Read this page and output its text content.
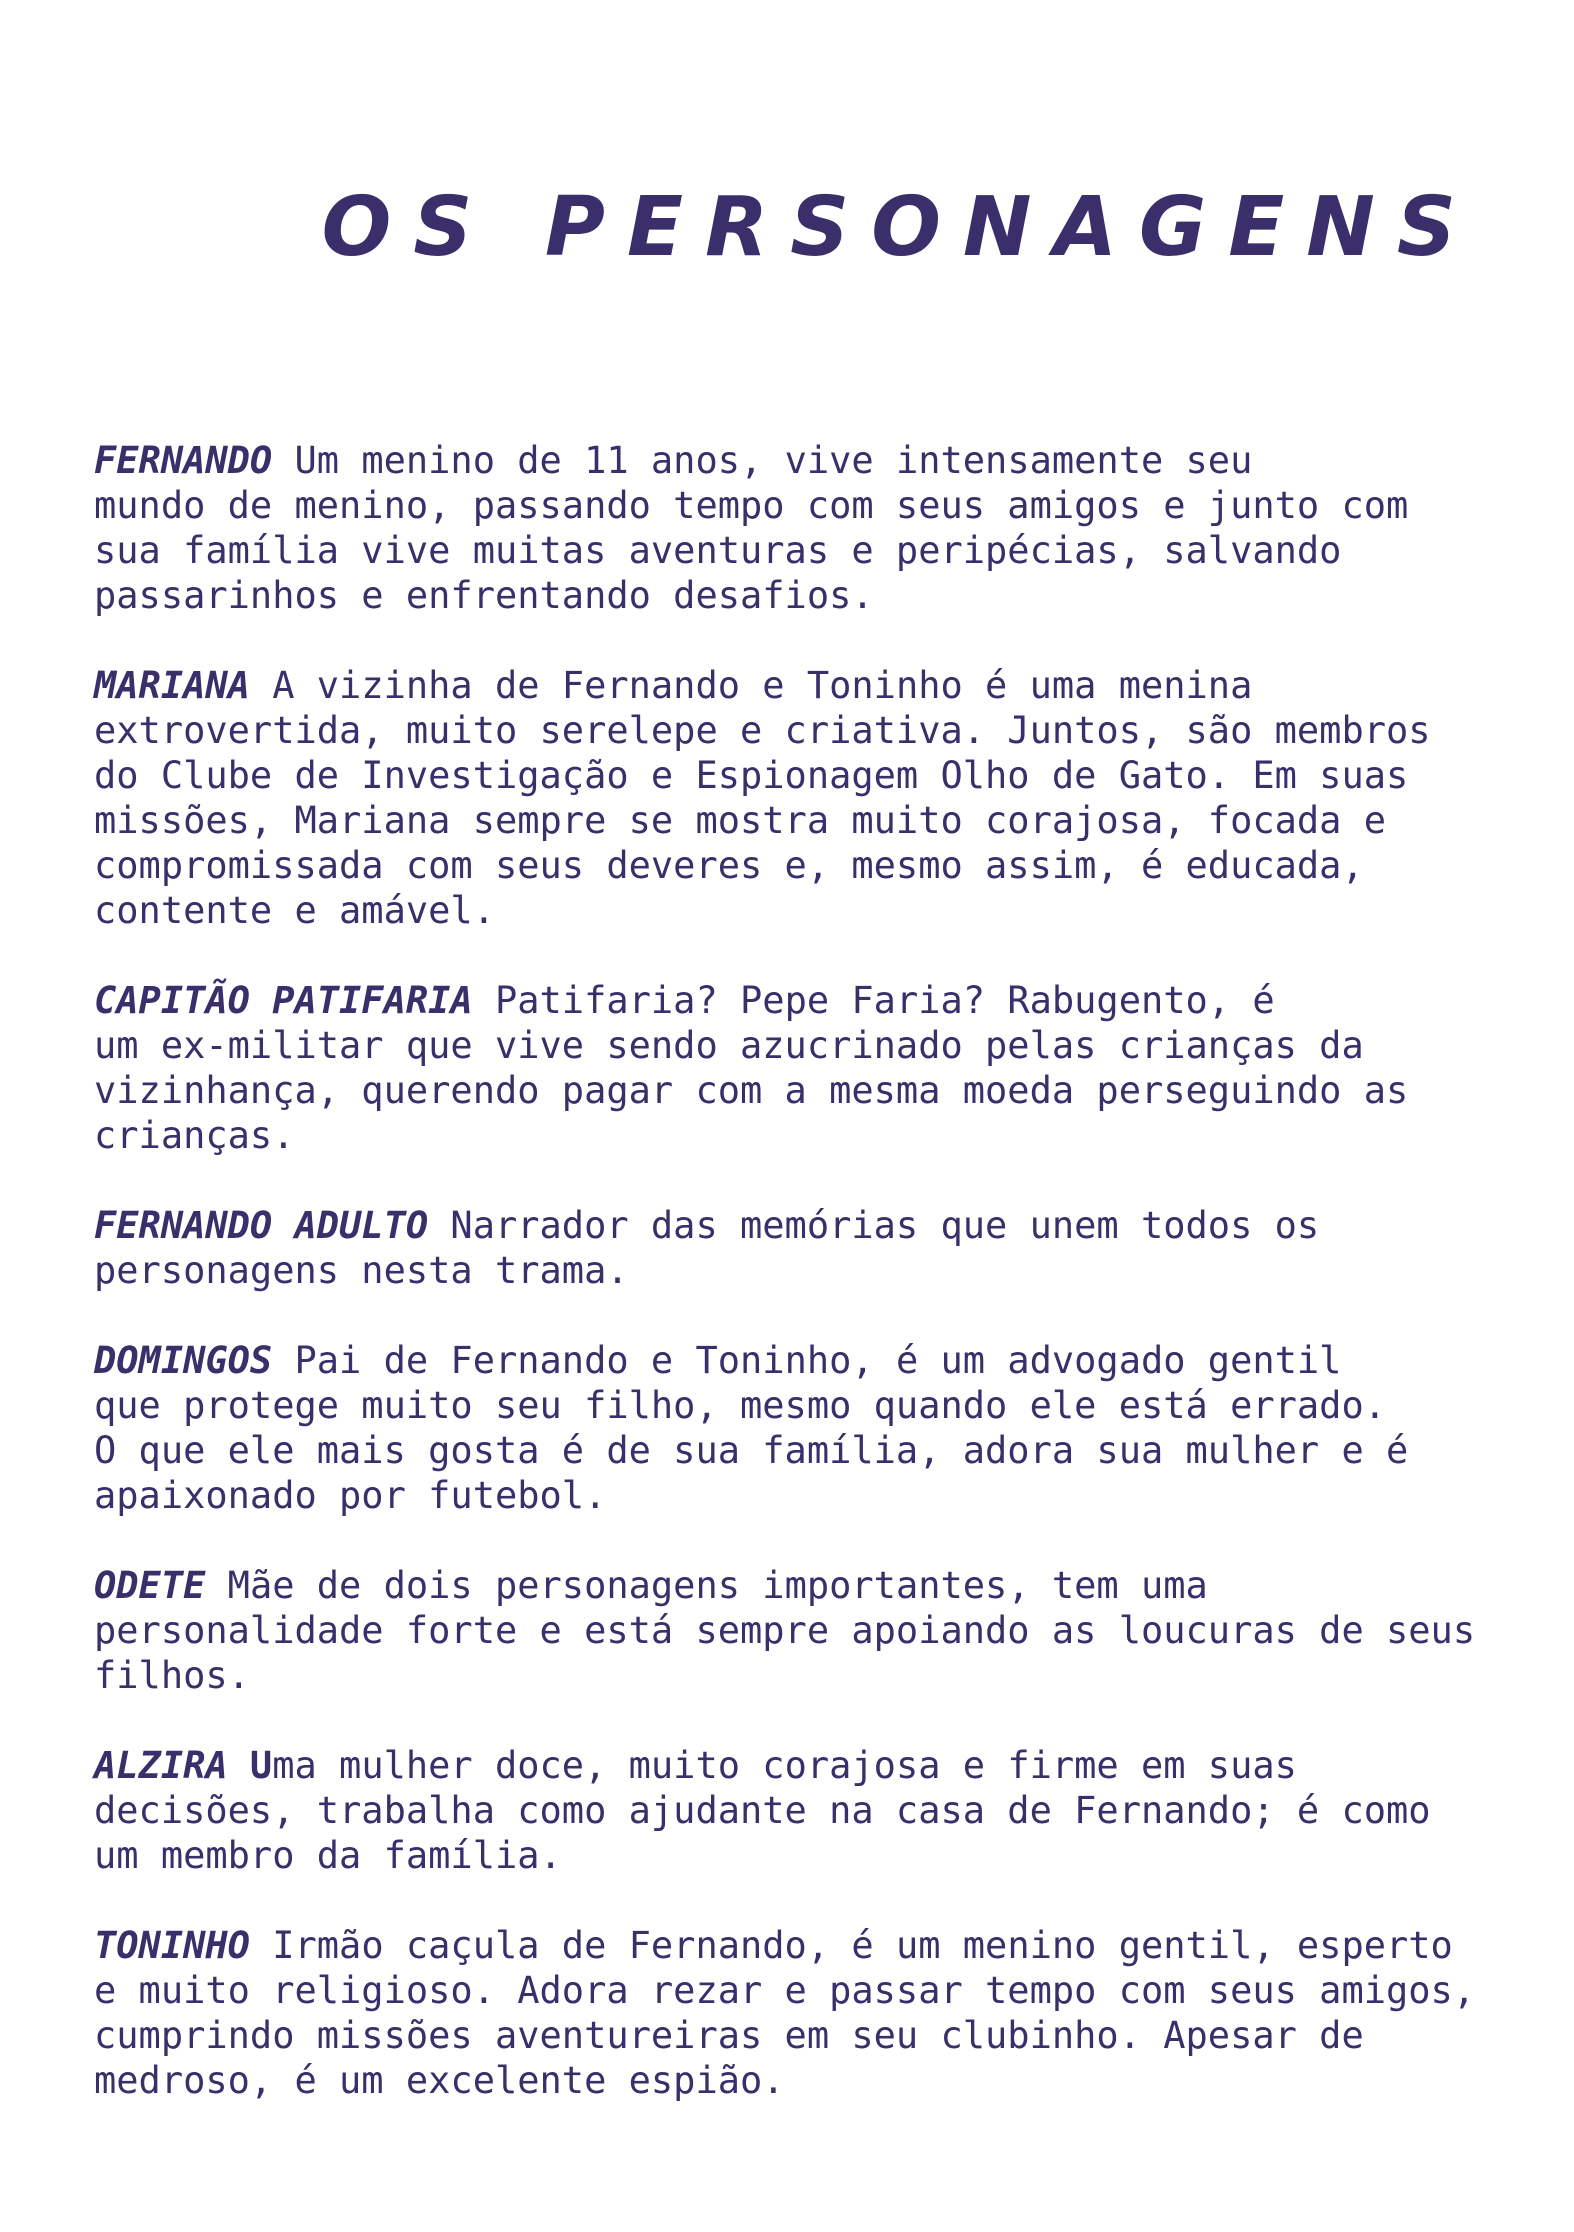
OS PERSONAGENS

FERNANDO Um menino de 11 anos, vive intensamente seu
mundo de menino, passando tempo com seus amigos e junto com
sua família vive muitas aventuras e peripécias, salvando
passarinhos e enfrentando desafios.

MARIANA A vizinha de Fernando e Toninho é uma menina
extrovertida, muito serelepe e criativa. Juntos, são membros
do Clube de Investigação e Espionagem Olho de Gato. Em suas
missões, Mariana sempre se mostra muito corajosa, focada e
compromissada com seus deveres e, mesmo assim, é educada,
contente e amável.

CAPITÃO PATIFARIA Patifaria? Pepe Faria? Rabugento, é
um ex-militar que vive sendo azucrinado pelas crianças da
vizinhança, querendo pagar com a mesma moeda perseguindo as
crianças.

FERNANDO ADULTO Narrador das memórias que unem todos os
personagens nesta trama.

DOMINGOS Pai de Fernando e Toninho, é um advogado gentil
que protege muito seu filho, mesmo quando ele está errado.
O que ele mais gosta é de sua família, adora sua mulher e é
apaixonado por futebol.

ODETE Mãe de dois personagens importantes, tem uma
personalidade forte e está sempre apoiando as loucuras de seus
filhos.

ALZIRA Uma mulher doce, muito corajosa e firme em suas
decisões, trabalha como ajudante na casa de Fernando; é como
um membro da família.

TONINHO Irmão caçula de Fernando, é um menino gentil, esperto
e muito religioso. Adora rezar e passar tempo com seus amigos,
cumprindo missões aventureiras em seu clubinho. Apesar de
medroso, é um excelente espião.
